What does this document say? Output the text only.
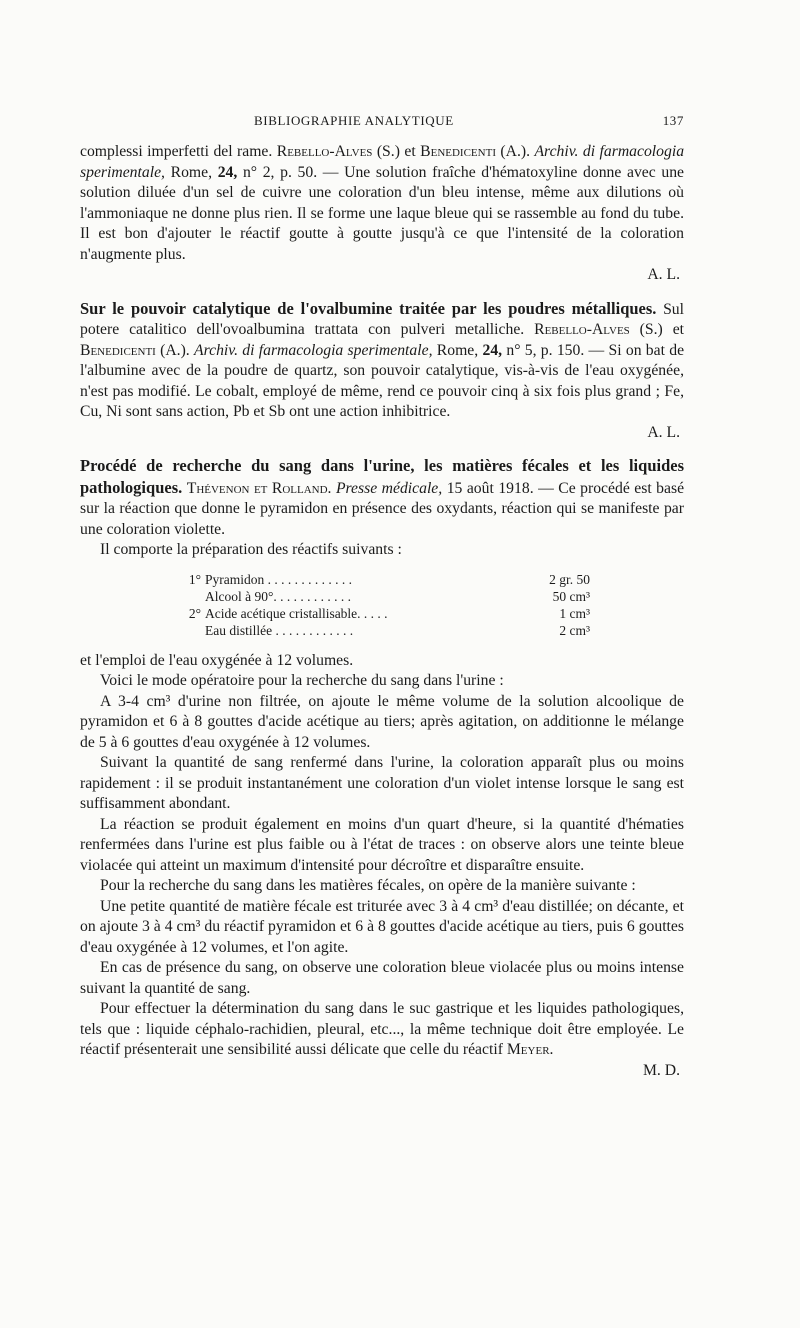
BIBLIOGRAPHIE ANALYTIQUE	137

complessi imperfetti del rame. Rebello-Alves (S.) et Benedicenti (A.). Archiv. di farmacologia sperimentale, Rome, 24, n° 2, p. 50. — Une solution fraîche d'hématoxyline donne avec une solution diluée d'un sel de cuivre une coloration d'un bleu intense, même aux dilutions où l'ammoniaque ne donne plus rien. Il se forme une laque bleue qui se rassemble au fond du tube. Il est bon d'ajouter le réactif goutte à goutte jusqu'à ce que l'intensité de la coloration n'augmente plus.

A. L.

Sur le pouvoir catalytique de l'ovalbumine traitée par les poudres métalliques. Sul potere catalitico dell'ovoalbumina trattata con pulveri metalliche. Rebello-Alves (S.) et Benedicenti (A.). Archiv. di farmacologia sperimentale, Rome, 24, n° 5, p. 150. — Si on bat de l'albumine avec de la poudre de quartz, son pouvoir catalytique, vis-à-vis de l'eau oxygénée, n'est pas modifié. Le cobalt, employé de même, rend ce pouvoir cinq à six fois plus grand ; Fe, Cu, Ni sont sans action, Pb et Sb ont une action inhibitrice.

A. L.

Procédé de recherche du sang dans l'urine, les matières fécales et les liquides pathologiques. Thévenon et Rolland. Presse médicale, 15 août 1918. — Ce procédé est basé sur la réaction que donne le pyramidon en présence des oxydants, réaction qui se manifeste par une coloration violette.

Il comporte la préparation des réactifs suivants :

1° Pyramidon . . . . . . . . . . . . .	2 gr. 50
Alcool à 90°. . . . . . . . . . . .	50 cm³
2° Acide acétique cristallisable. . . . .	1 cm³
Eau distillée . . . . . . . . . . . .	2 cm³

et l'emploi de l'eau oxygénée à 12 volumes.

Voici le mode opératoire pour la recherche du sang dans l'urine :

A 3-4 cm³ d'urine non filtrée, on ajoute le même volume de la solution alcoolique de pyramidon et 6 à 8 gouttes d'acide acétique au tiers; après agitation, on additionne le mélange de 5 à 6 gouttes d'eau oxygénée à 12 volumes.

Suivant la quantité de sang renfermé dans l'urine, la coloration apparaît plus ou moins rapidement : il se produit instantanément une coloration d'un violet intense lorsque le sang est suffisamment abondant.

La réaction se produit également en moins d'un quart d'heure, si la quantité d'hématies renfermées dans l'urine est plus faible ou à l'état de traces : on observe alors une teinte bleue violacée qui atteint un maximum d'intensité pour décroître et disparaître ensuite.

Pour la recherche du sang dans les matières fécales, on opère de la manière suivante :

Une petite quantité de matière fécale est triturée avec 3 à 4 cm³ d'eau distillée; on décante, et on ajoute 3 à 4 cm³ du réactif pyramidon et 6 à 8 gouttes d'acide acétique au tiers, puis 6 gouttes d'eau oxygénée à 12 volumes, et l'on agite.

En cas de présence du sang, on observe une coloration bleue violacée plus ou moins intense suivant la quantité de sang.

Pour effectuer la détermination du sang dans le suc gastrique et les liquides pathologiques, tels que : liquide céphalo-rachidien, pleural, etc..., la même technique doit être employée. Le réactif présenterait une sensibilité aussi délicate que celle du réactif Meyer.

M. D.
